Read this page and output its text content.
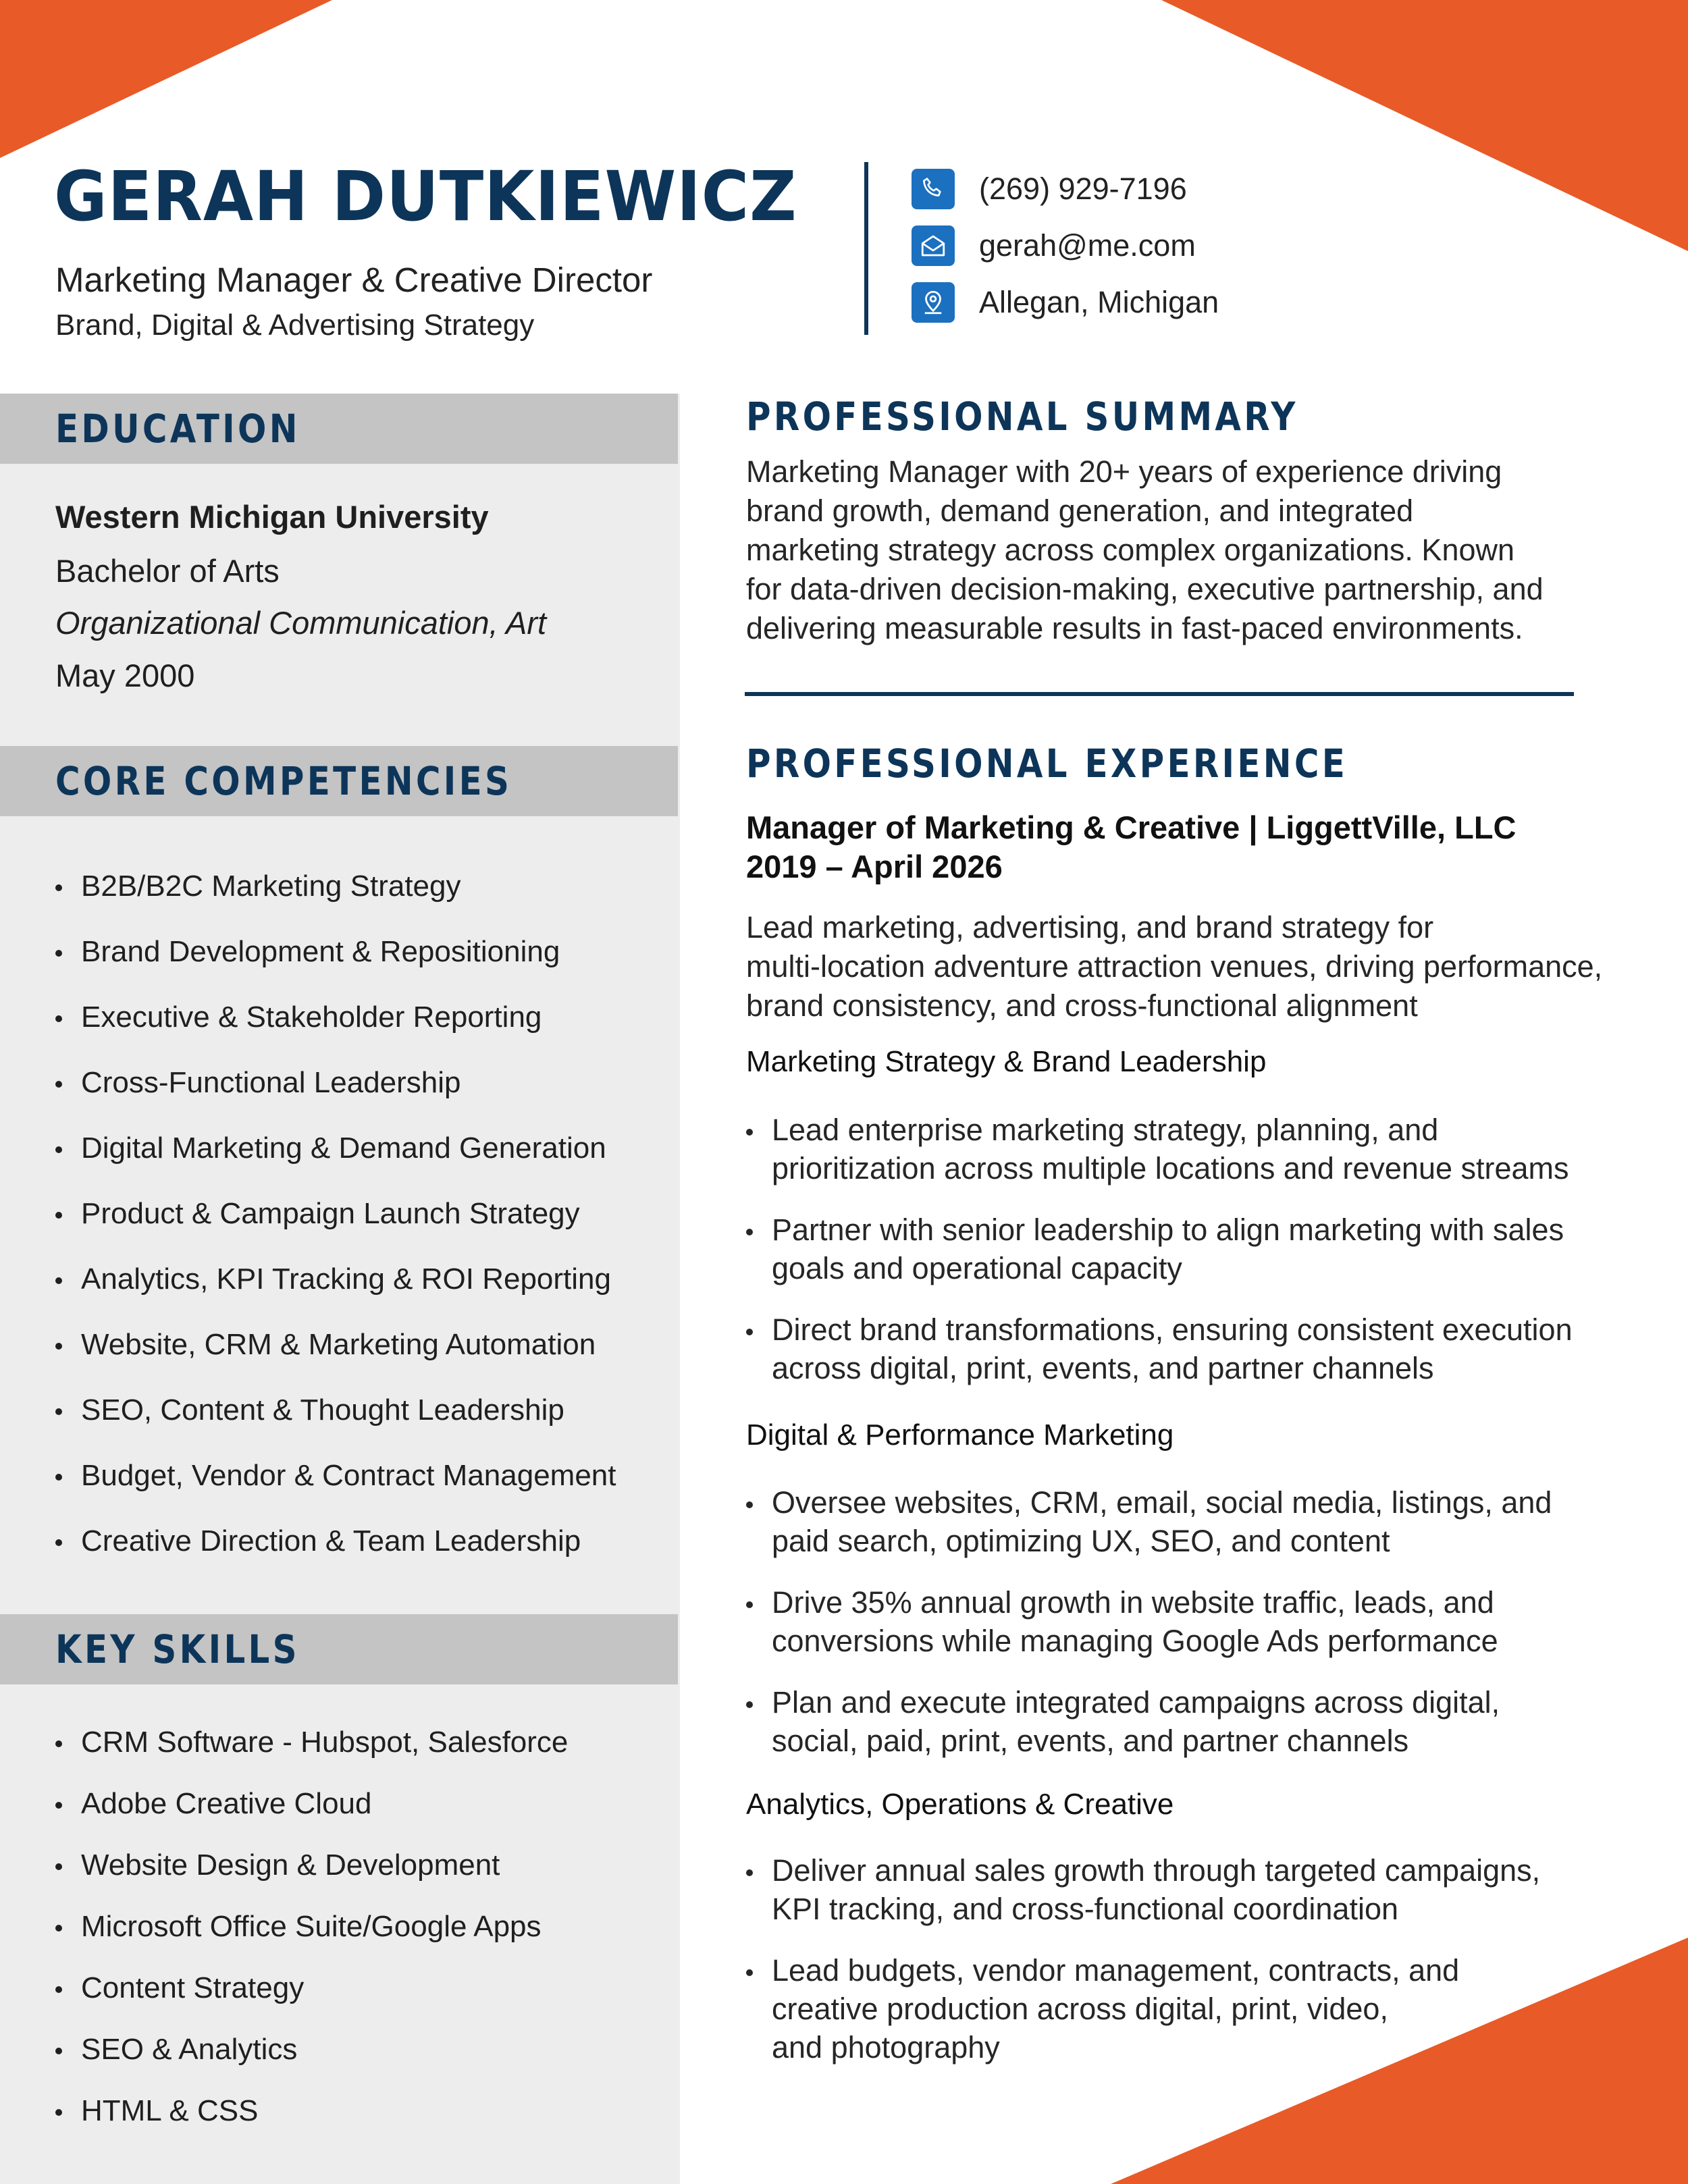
GERAH DUTKIEWICZ
Marketing Manager & Creative Director
Brand, Digital & Advertising Strategy
(269) 929-7196
gerah@me.com
Allegan, Michigan
EDUCATION
Western Michigan University
Bachelor of Arts
Organizational Communication, Art
May 2000
CORE COMPETENCIES
B2B/B2C Marketing Strategy
Brand Development & Repositioning
Executive & Stakeholder Reporting
Cross-Functional Leadership
Digital Marketing & Demand Generation
Product & Campaign Launch Strategy
Analytics, KPI Tracking & ROI Reporting
Website, CRM & Marketing Automation
SEO, Content & Thought Leadership
Budget, Vendor & Contract Management
Creative Direction & Team Leadership
KEY SKILLS
CRM Software - Hubspot, Salesforce
Adobe Creative Cloud
Website Design & Development
Microsoft Office Suite/Google Apps
Content Strategy
SEO & Analytics
HTML & CSS
PROFESSIONAL SUMMARY
Marketing Manager with 20+ years of experience driving
brand growth, demand generation, and integrated
marketing strategy across complex organizations. Known
for data-driven decision-making, executive partnership, and
delivering measurable results in fast-paced environments.
PROFESSIONAL EXPERIENCE
Manager of Marketing & Creative | LiggettVille, LLC
2019 – April 2026
Lead marketing, advertising, and brand strategy for
multi-location adventure attraction venues, driving performance,
brand consistency, and cross-functional alignment
Marketing Strategy & Brand Leadership
Lead enterprise marketing strategy, planning, and
prioritization across multiple locations and revenue streams
Partner with senior leadership to align marketing with sales
goals and operational capacity
Direct brand transformations, ensuring consistent execution
across digital, print, events, and partner channels
Digital & Performance Marketing
Oversee websites, CRM, email, social media, listings, and
paid search, optimizing UX, SEO, and content
Drive 35% annual growth in website traffic, leads, and
conversions while managing Google Ads performance
Plan and execute integrated campaigns across digital,
social, paid, print, events, and partner channels
Analytics, Operations & Creative
Deliver annual sales growth through targeted campaigns,
KPI tracking, and cross-functional coordination
Lead budgets, vendor management, contracts, and
creative production across digital, print, video,
and photography
